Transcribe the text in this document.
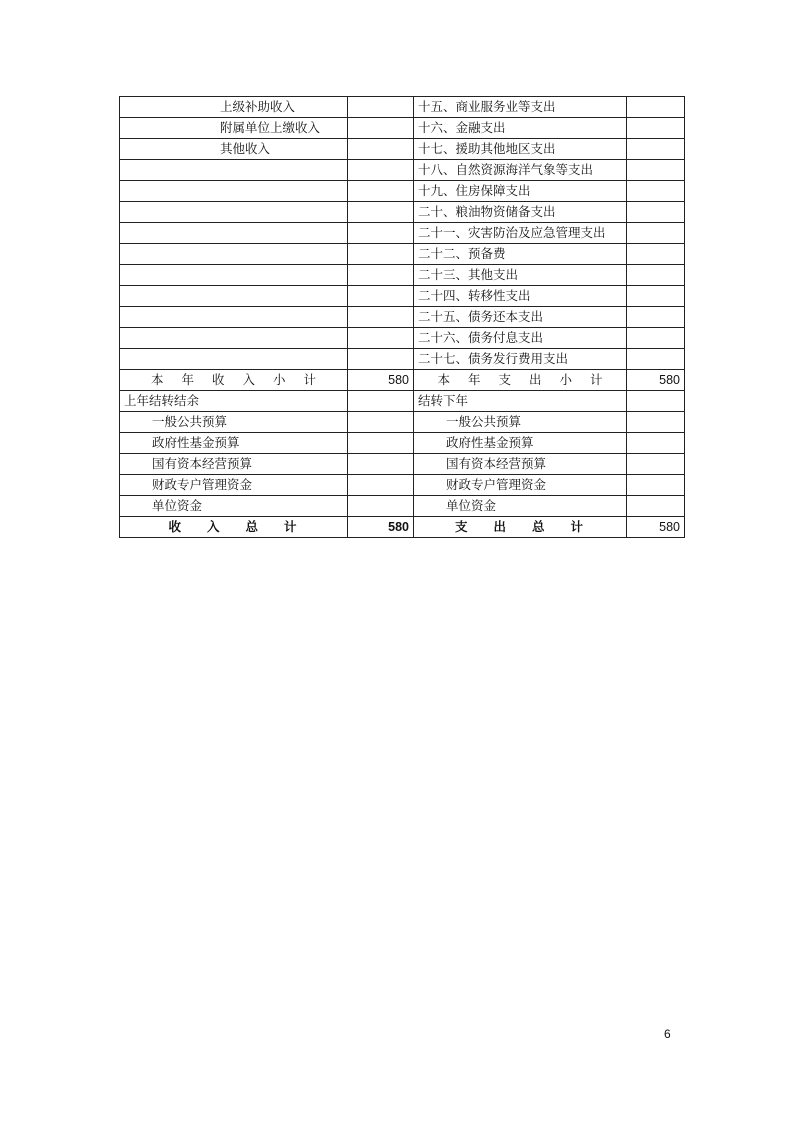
上级补助收入		十五、商业服务业等支出	
附属单位上缴收入		十六、金融支出	
其他收入		十七、援助其他地区支出	
		十八、自然资源海洋气象等支出	
		十九、住房保障支出	
		二十、粮油物资储备支出	
		二十一、灾害防治及应急管理支出	
		二十二、预备费	
		二十三、其他支出	
		二十四、转移性支出	
		二十五、债务还本支出	
		二十六、债务付息支出	
		二十七、债务发行费用支出	
本年收入小计	580	本年支出小计	580
上年结转结余		结转下年	
一般公共预算		一般公共预算	
政府性基金预算		政府性基金预算	
国有资本经营预算		国有资本经营预算	
财政专户管理资金		财政专户管理资金	
单位资金		单位资金	
收入总计	580	支出总计	580
6
